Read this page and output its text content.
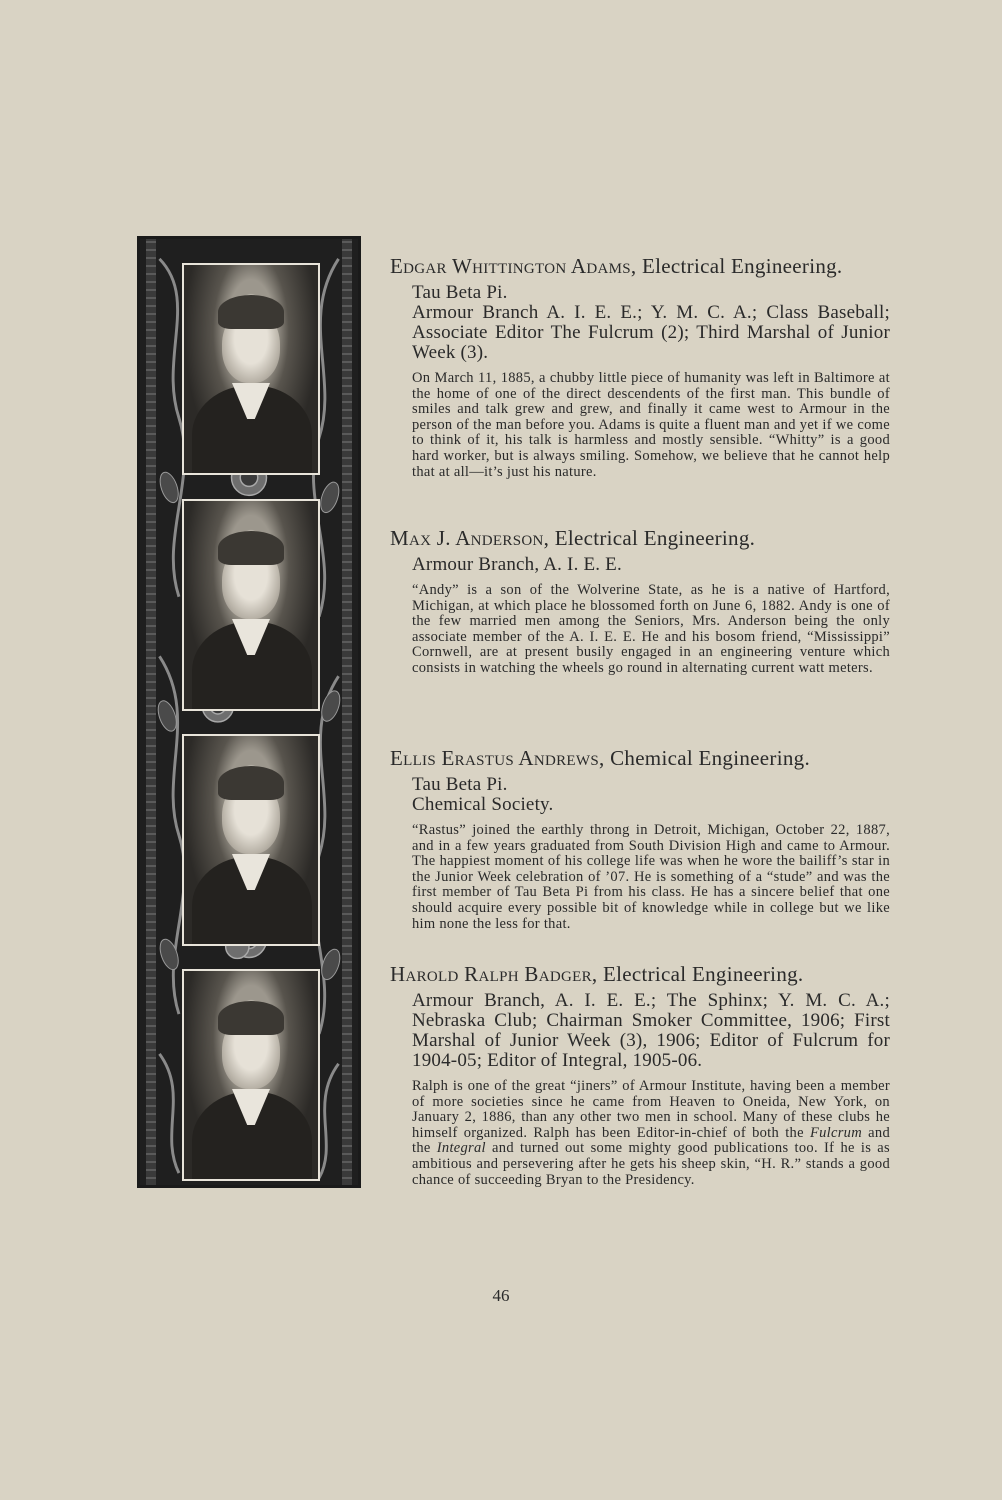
Edgar Whittington Adams, Electrical Engineering.

Tau Beta Pi.

Armour Branch A. I. E. E.; Y. M. C. A.; Class Baseball; Associate Editor The Fulcrum (2); Third Marshal of Junior Week (3).

On March 11, 1885, a chubby little piece of humanity was left in Baltimore at the home of one of the direct descendents of the first man. This bundle of smiles and talk grew and grew, and finally it came west to Armour in the person of the man before you. Adams is quite a fluent man and yet if we come to think of it, his talk is harmless and mostly sensible. “Whitty” is a good hard worker, but is always smiling. Somehow, we believe that he cannot help that at all—it’s just his nature.

Max J. Anderson, Electrical Engineering.

Armour Branch, A. I. E. E.

“Andy” is a son of the Wolverine State, as he is a native of Hartford, Michigan, at which place he blossomed forth on June 6, 1882. Andy is one of the few married men among the Seniors, Mrs. Anderson being the only associate member of the A. I. E. E. He and his bosom friend, “Mississippi” Cornwell, are at present busily engaged in an engineering venture which consists in watching the wheels go round in alternating current watt meters.

Ellis Erastus Andrews, Chemical Engineering.

Tau Beta Pi.

Chemical Society.

“Rastus” joined the earthly throng in Detroit, Michigan, October 22, 1887, and in a few years graduated from South Division High and came to Armour. The happiest moment of his college life was when he wore the bailiff’s star in the Junior Week celebration of ’07. He is something of a “stude” and was the first member of Tau Beta Pi from his class. He has a sincere belief that one should acquire every possible bit of knowledge while in college but we like him none the less for that.

Harold Ralph Badger, Electrical Engineering.

Armour Branch, A. I. E. E.; The Sphinx; Y. M. C. A.; Nebraska Club; Chairman Smoker Committee, 1906; First Marshal of Junior Week (3), 1906; Editor of Fulcrum for 1904-05; Editor of Integral, 1905-06.

Ralph is one of the great “jiners” of Armour Institute, having been a member of more societies since he came from Heaven to Oneida, New York, on January 2, 1886, than any other two men in school. Many of these clubs he himself organized. Ralph has been Editor-in-chief of both the Fulcrum and the Integral and turned out some mighty good publications too. If he is as ambitious and persevering after he gets his sheep skin, “H. R.” stands a good chance of succeeding Bryan to the Presidency.

46
